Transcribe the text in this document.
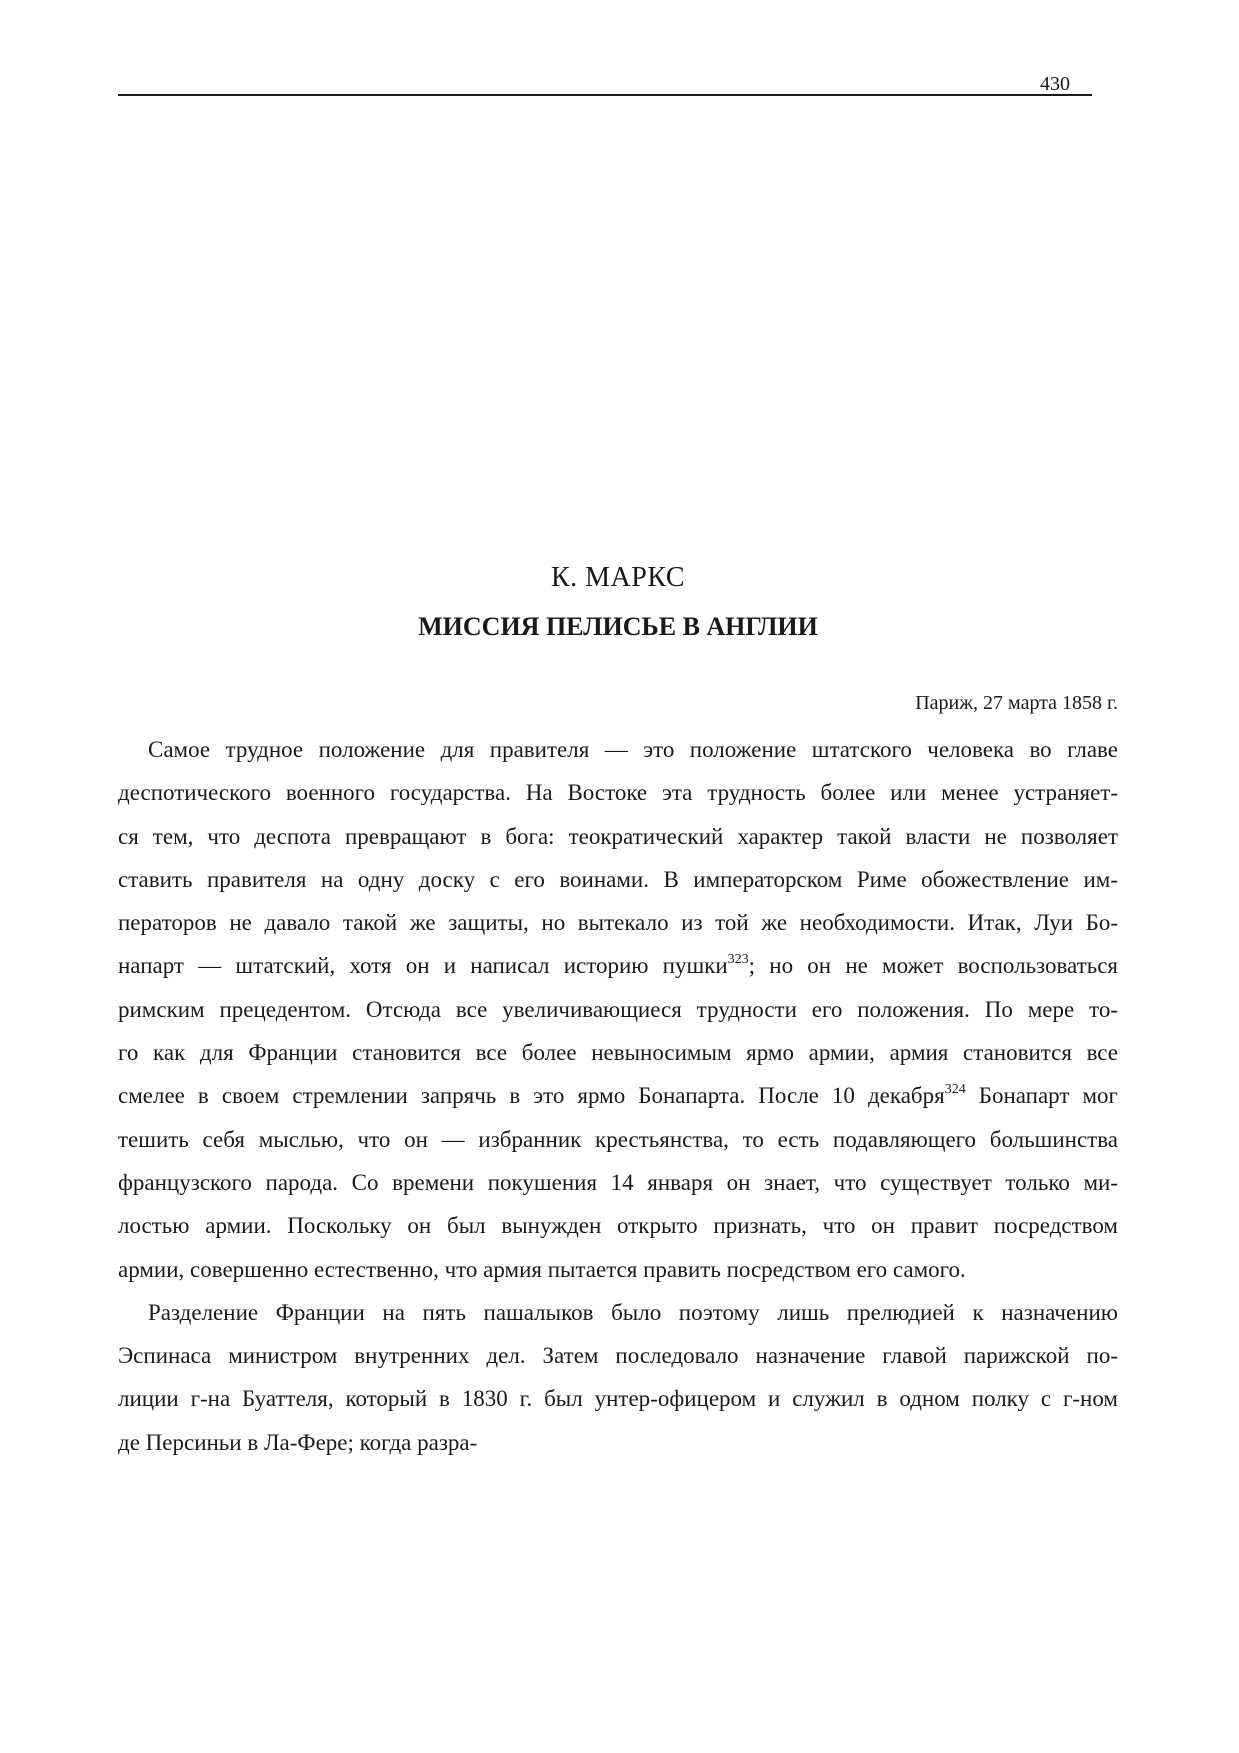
430
К. МАРКС
МИССИЯ ПЕЛИСЬЕ В АНГЛИИ
Париж, 27 марта 1858 г.
Самое трудное положение для правителя — это положение штатского человека во главе
деспотического военного государства. На Востоке эта трудность более или менее устраняет-
ся тем, что деспота превращают в бога: теократический характер такой власти не позволяет
ставить правителя на одну доску с его воинами. В императорском Риме обожествление им-
ператоров не давало такой же защиты, но вытекало из той же необходимости. Итак, Луи Бо-
напарт — штатский, хотя он и написал историю пушки$^{323}$; но он не может воспользоваться
римским прецедентом. Отсюда все увеличивающиеся трудности его положения. По мере то-
го как для Франции становится все более невыносимым ярмо армии, армия становится все
смелее в своем стремлении запрячь в это ярмо Бонапарта. После 10 декабря$^{324}$ Бонапарт мог
тешить себя мыслью, что он — избранник крестьянства, то есть подавляющего большинства
французского парода. Со времени покушения 14 января он знает, что существует только ми-
лостью армии. Поскольку он был вынужден открыто признать, что он правит посредством
армии, совершенно естественно, что армия пытается править посредством его самого.
Разделение Франции на пять пашалыков было поэтому лишь прелюдией к назначению
Эспинаса министром внутренних дел. Затем последовало назначение главой парижской по-
лиции г-на Буаттеля, который в 1830 г. был унтер-офицером и служил в одном полку с г-ном
де Персиньи в Ла-Фере; когда разра-
